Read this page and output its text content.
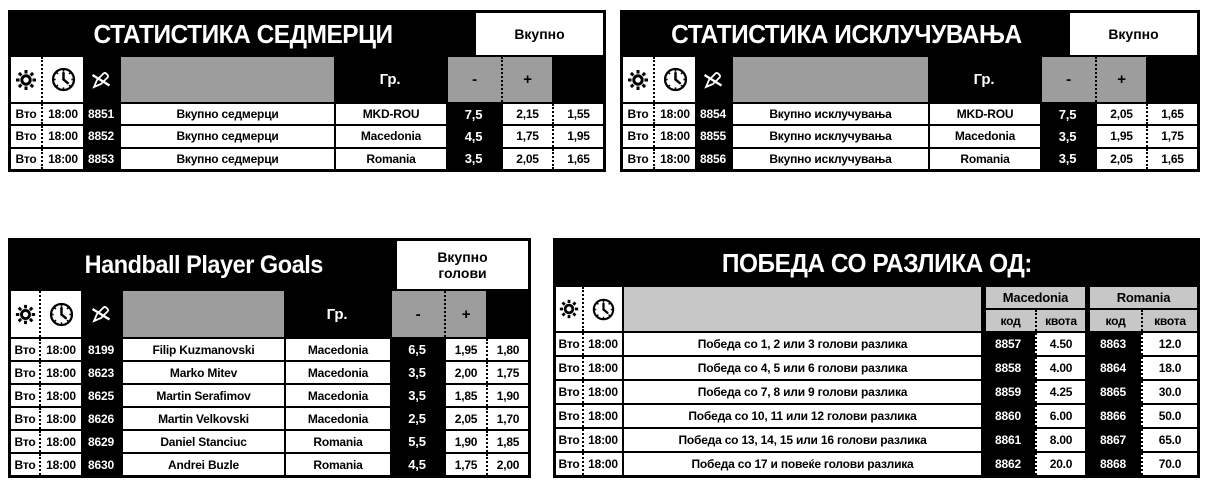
СТАТИСТИКА СЕДМЕРЦИ	Вкупно
Гр.	-	+
Вто 18:00 8851	Вкупно седмерци	MKD-ROU	7,5	2,15	1,55
Вто 18:00 8852	Вкупно седмерци	Macedonia	4,5	1,75	1,95
Вто 18:00 8853	Вкупно седмерци	Romania	3,5	2,05	1,65
СТАТИСТИКА ИСКЛУЧУВАЊА	Вкупно
Гр.	-	+
Вто 18:00 8854	Вкупно исклучувања	MKD-ROU	7,5	2,05	1,65
Вто 18:00 8855	Вкупно исклучувања	Macedonia	3,5	1,95	1,75
Вто 18:00 8856	Вкупно исклучувања	Romania	3,5	2,05	1,65
Handball Player Goals	Вкупно
голови
Гр.	-	+
Вто 18:00	8199	Filip Kuzmanovski	Macedonia	6,5	1,95	1,80
Вто 18:00	8623	Marko Mitev	Macedonia	3,5	2,00	1,75
Вто 18:00	8625	Martin Serafimov	Macedonia	3,5	1,85	1,90
Вто 18:00	8626	Martin Velkovski	Macedonia	2,5	2,05	1,70
Вто 18:00	8629	Daniel Stanciuc	Romania	5,5	1,90	1,85
Вто 18:00	8630	Andrei Buzle	Romania	4,5	1,75	2,00
ПОБЕДА СО РАЗЛИКА ОД:
Macedonia	Romania
код	квота	код	квота
Вто 18:00	Победа со 1, 2 или 3 голови разлика	8857	4.50	8863	12.0
Вто 18:00	Победа со 4, 5 или 6 голови разлика	8858	4.00	8864	18.0
Вто 18:00	Победа со 7, 8 или 9 голови разлика	8859	4.25	8865	30.0
Вто 18:00	Победа со 10, 11 или 12 голови разлика	8860	6.00	8866	50.0
Вто 18:00	Победа со 13, 14, 15 или 16 голови разлика	8861	8.00	8867	65.0
Вто 18:00	Победа со 17 и повеќе голови разлика	8862	20.0	8868	70.0
